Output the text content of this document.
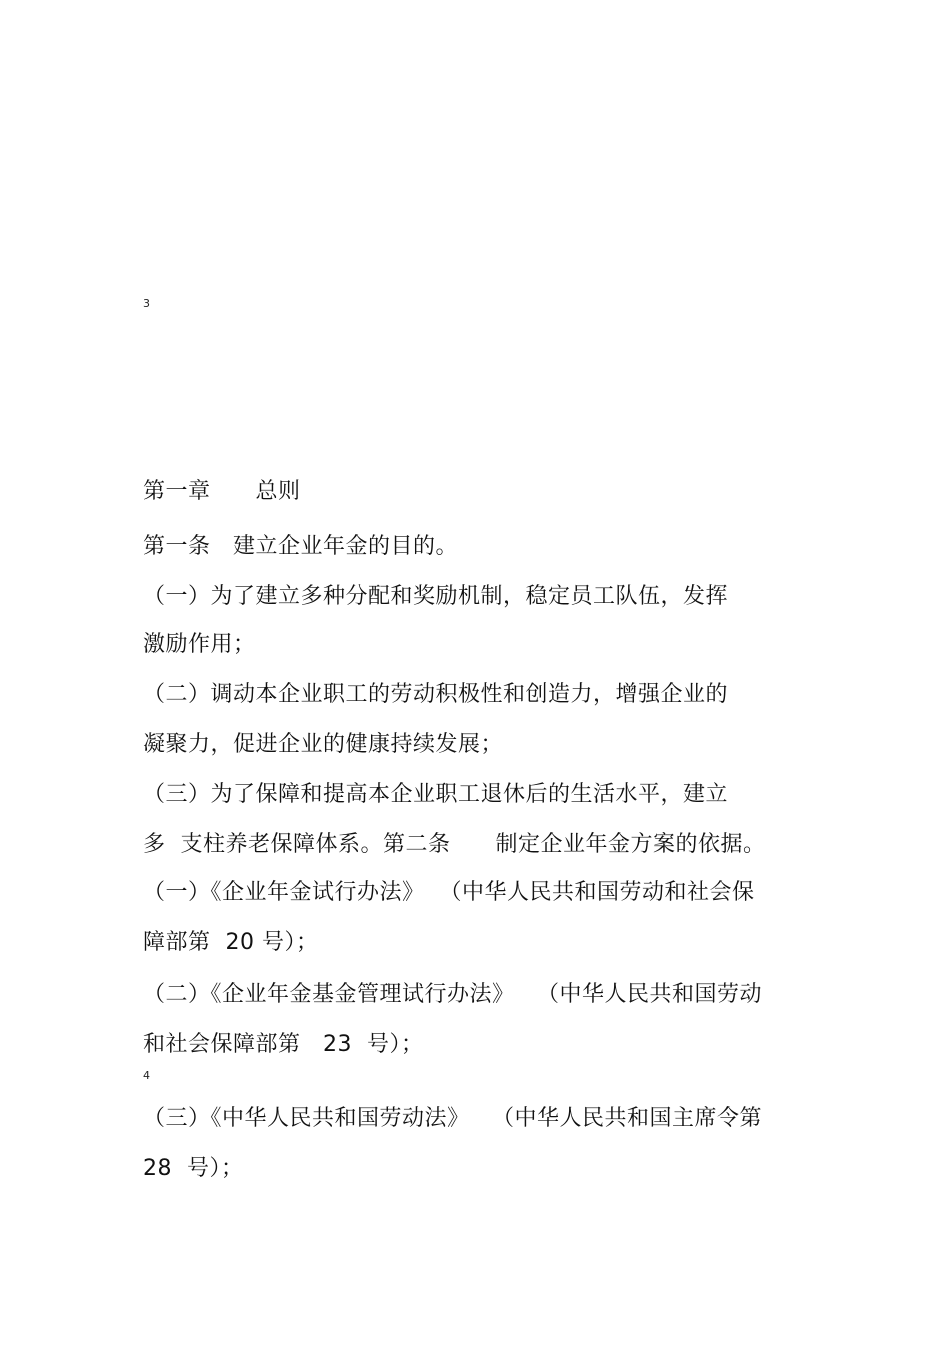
3
第一章　　总则
第一条　建立企业年金的目的。
（一）为了建立多种分配和奖励机制，稳定员工队伍，发挥
激励作用；
（二）调动本企业职工的劳动积极性和创造力，增强企业的
凝聚力，促进企业的健康持续发展；
（三）为了保障和提高本企业职工退休后的生活水平，建立
多  支柱养老保障体系。第二条　　制定企业年金方案的依据。
（一）《企业年金试行办法》  （中华人民共和国劳动和社会保
障部第  20 号）；
（二）《企业年金基金管理试行办法》   （中华人民共和国劳动
和社会保障部第   23  号）；
4
（三）《中华人民共和国劳动法》   （中华人民共和国主席令第
28  号）；
